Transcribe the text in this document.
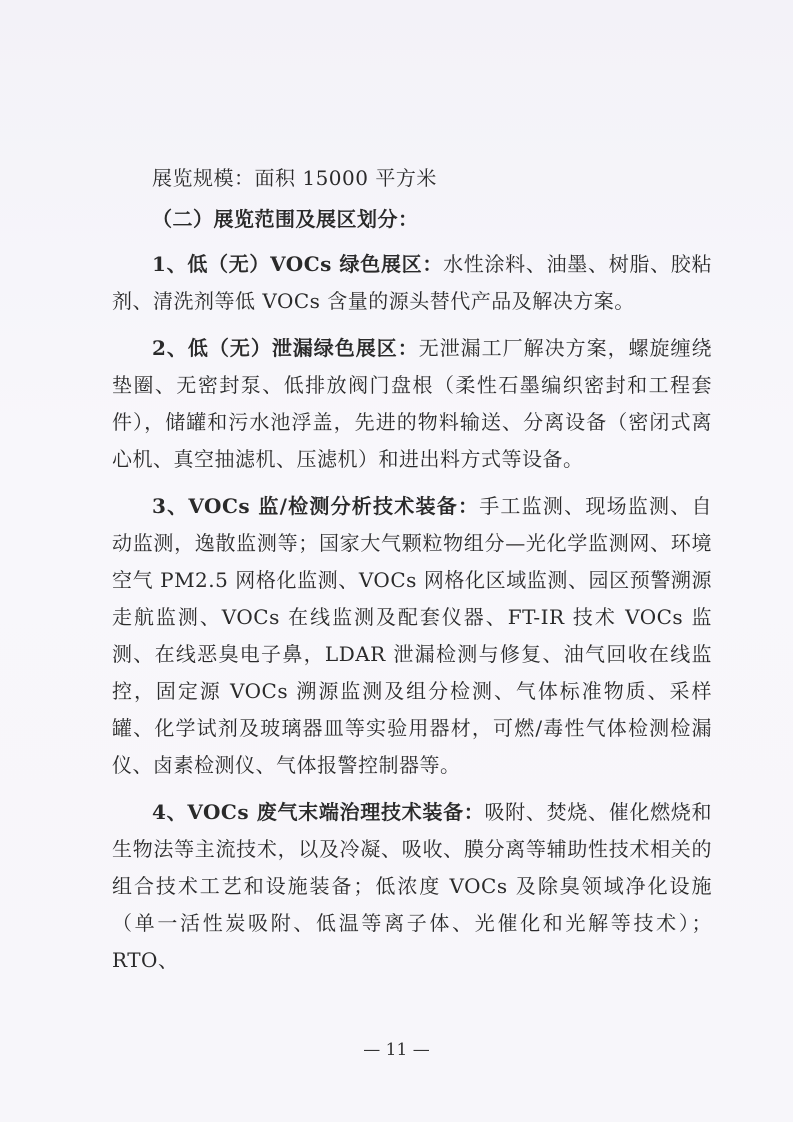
展览规模：面积 15000 平方米

（二）展览范围及展区划分：

1、低（无）VOCs 绿色展区：水性涂料、油墨、树脂、胶粘剂、清洗剂等低 VOCs 含量的源头替代产品及解决方案。

2、低（无）泄漏绿色展区：无泄漏工厂解决方案，螺旋缠绕垫圈、无密封泵、低排放阀门盘根（柔性石墨编织密封和工程套件），储罐和污水池浮盖，先进的物料输送、分离设备（密闭式离心机、真空抽滤机、压滤机）和进出料方式等设备。

3、VOCs 监/检测分析技术装备：手工监测、现场监测、自动监测，逸散监测等；国家大气颗粒物组分—光化学监测网、环境空气 PM2.5 网格化监测、VOCs 网格化区域监测、园区预警溯源走航监测、VOCs 在线监测及配套仪器、FT-IR 技术 VOCs 监测、在线恶臭电子鼻，LDAR 泄漏检测与修复、油气回收在线监控，固定源 VOCs 溯源监测及组分检测、气体标准物质、采样罐、化学试剂及玻璃器皿等实验用器材，可燃/毒性气体检测检漏仪、卤素检测仪、气体报警控制器等。

4、VOCs 废气末端治理技术装备：吸附、焚烧、催化燃烧和生物法等主流技术，以及冷凝、吸收、膜分离等辅助性技术相关的组合技术工艺和设施装备；低浓度 VOCs 及除臭领域净化设施（单一活性炭吸附、低温等离子体、光催化和光解等技术）；RTO、

— 11 —
